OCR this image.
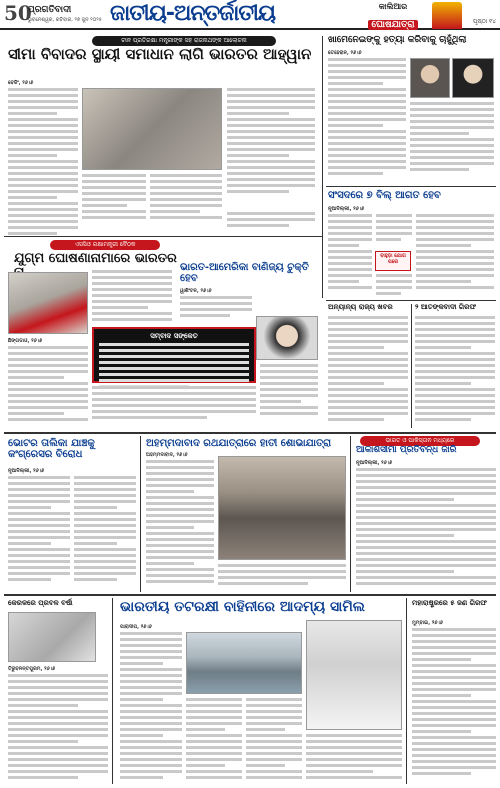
50
ପ୍ରଗତିବାଦୀ
ଭୁବନେଶ୍ୱର, ରବିବାର, ୨୭ ଜୁନ ୨୦୨୫ ଜାତୀୟ-ଅନ୍ତର୍ଜାତୀୟ	କାଲିଆର
ଘୋଷଯାତ୍ରା	ପୃଷ୍ଠା ୧୪
ଚୀନ ପ୍ରତିରକ୍ଷା ମନ୍ତ୍ରୀଙ୍କ ସହ ରାଜନାଥଙ୍କ ଆଲୋଚନା
ସୀମା ବିବାଦର ସ୍ଥାୟୀ ସମାଧାନ ଲାଗି ଭାରତର ଆହ୍ୱାନ
ବେଜିଂ, ୨୬।୬
ଖାମେନେଇଙ୍କୁ ହତ୍ୟା କରିବାକୁ ଚାହୁଁଥିଲା
ତେହେରାନ, ୨୬।୬
ସଂସଦରେ ୭ ବିଲ୍ ଆଗତ ହେବ
ନୂଆଦିଲ୍ଲୀ, ୨୬।୬
ବାହୁଡ଼ା ଯୋଗ ପରେ
ଏସସିଓ ରକ୍ଷାମନ୍ତ୍ରୀ ବୈଠକ
ଯୁଗ୍ମ ଘୋଷଣାନାମାରେ ଭାରତର
ଛିଙ୍ଗଡାଓ, ୨୬।୬
ସମ୍ବାଦ ସଙ୍କେତ
ଭାରତ-ଆମେରିକା ବାଣିଜ୍ୟ ଚୁକ୍ତି ହେବ
ୱାଶିଂଟନ, ୨୬।୬
ଅନ୍ୟାନ୍ୟ ରାଜ୍ୟ ଖବର	୨ ଆତଙ୍କବାଦୀ ଗିରଫ
ଭୋଟର ତାଲିକା ଯାଞ୍ଚକୁ କଂଗ୍ରେସର ବିରୋଧ
ନୂଆଦିଲ୍ଲୀ, ୨୬।୬
ଅହମ୍ମଦାବାଦ ରଥଯାତ୍ରାରେ ହାତୀ ଶୋଭାଯାତ୍ରା
ଅହମ୍ମଦାବାଦ, ୨୬।୬
ଭାରତ ଓ ପାକିସ୍ତାନ ମଧ୍ୟରେ
ଆକାଶସୀମା ପ୍ରତିବନ୍ଧ ଜାରି
ନୂଆଦିଲ୍ଲୀ, ୨୬।୬
କେରଳରେ ପ୍ରବଳ ବର୍ଷା
ତିରୁବନନ୍ତପୁରମ, ୨୬।୬
ଭାରତୀୟ ତଟରକ୍ଷୀ ବାହିନୀରେ ଆଦମ୍ୟ ସାମିଲ
ପାରାଦୀପ, ୨୬।୬
ମହାରାଷ୍ଟ୍ରରେ ୫ ଜଣ ଗିରଫ
ମୁମ୍ବାଇ, ୨୬।୬
